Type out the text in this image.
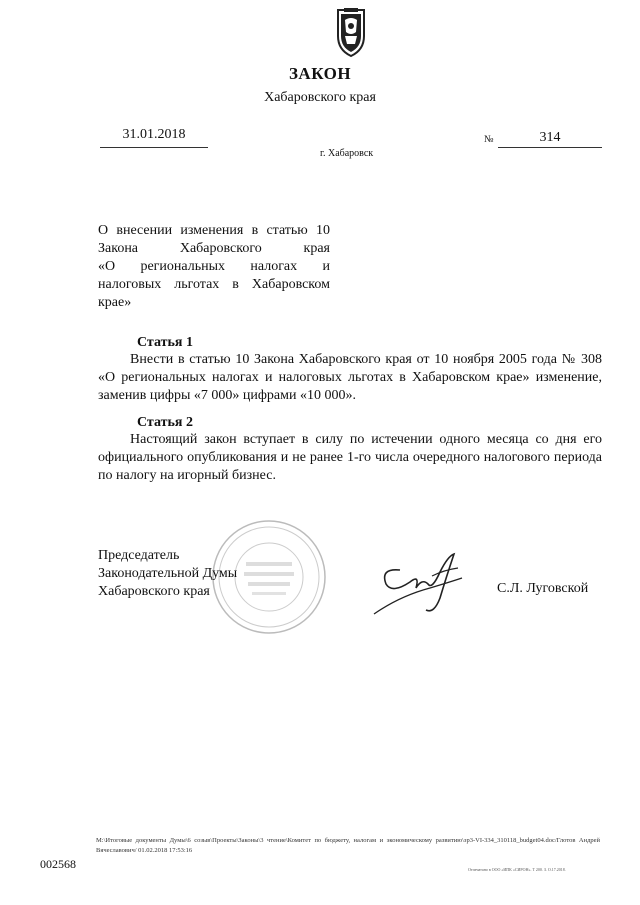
ЗАКОН
Хабаровского края
31.01.2018
г. Хабаровск
№	314
О внесении изменения в статью 10
Закона Хабаровского края
«О региональных налогах и
налоговых льготах в Хабаровском
крае»
Статья 1
Внести в статью 10 Закона Хабаровского края от 10 ноября 2005 года № 308 «О региональных налогах и налоговых льготах в Хабаровском крае» изменение, заменив цифры «7 000» цифрами «10 000».
Статья 2
Настоящий закон вступает в силу по истечении одного месяца со дня его официального опубликования и не ранее 1-го числа очередного налогового периода по налогу на игорный бизнес.
Председатель
Законодательной Думы
Хабаровского края	С.Л. Луговской
M:\Итоговые документы Думы\6 созыв\Проекты\Законы\3 чтение\Комитет по бюджету, налогам и экономическому развитию\зр3-VI-334_310118_budget04.doc/Глотов Андрей Вячеславович/ 01.02.2018 17:53:16
002568	Отпечатано в ООО «ИПК «СИРОН». Т 200. З. О.17.2018.
